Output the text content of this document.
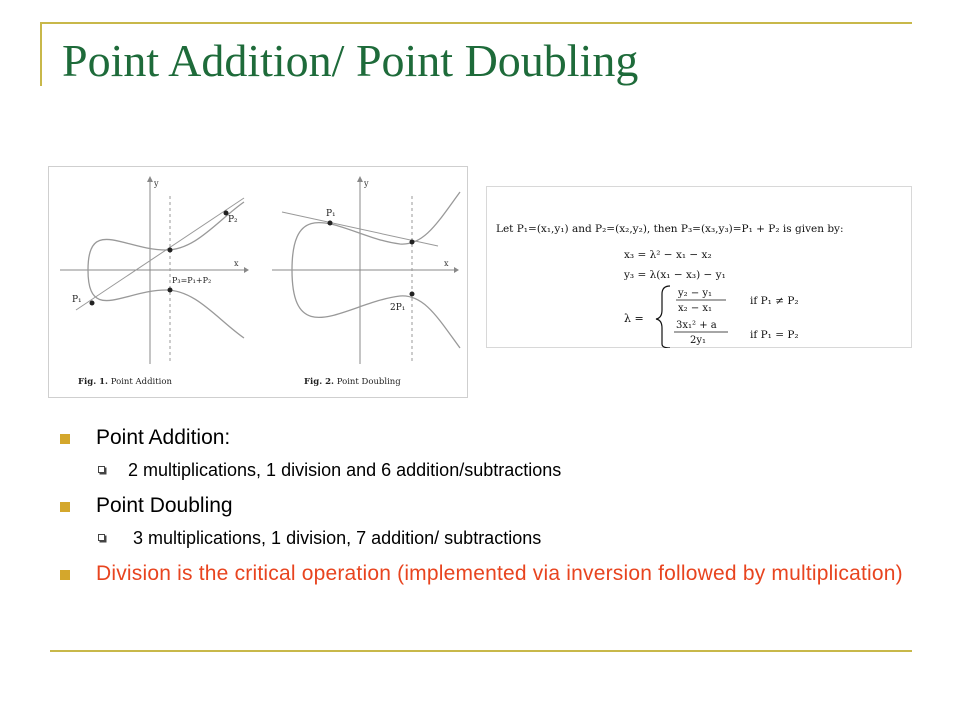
Point Addition/ Point Doubling
y
x
P₁
P₂
P₃=P₁+P₂
Fig. 1. Point Addition
y
x
P₁
2P₁
Fig. 2. Point Doubling
Let P₁=(x₁,y₁) and P₂=(x₂,y₂), then P₃=(x₃,y₃)=P₁ + P₂ is given by:
x₃ = λ² − x₁ − x₂
y₃ = λ(x₁ − x₃) − y₁
λ =
y₂ − y₁
x₂ − x₁
if P₁ ≠ P₂
3x₁² + a
2y₁	if P₁ = P₂
Point Addition:
2 multiplications, 1 division and 6 addition/subtractions
Point Doubling
3 multiplications, 1 division, 7 addition/ subtractions
Division is the critical operation (implemented via inversion followed by multiplication)
